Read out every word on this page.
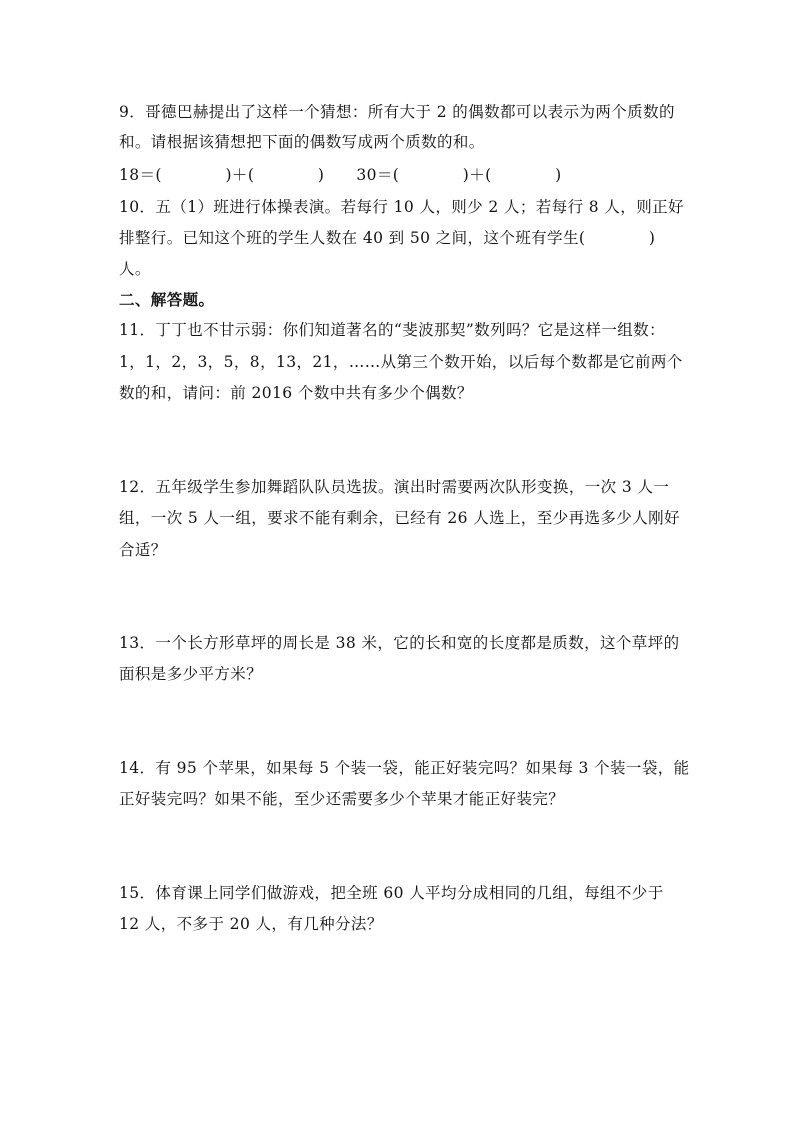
9．哥德巴赫提出了这样一个猜想：所有大于 2 的偶数都可以表示为两个质数的
和。请根据该猜想把下面的偶数写成两个质数的和。
18＝(　　　　)＋(　　　　) 30＝(　　　　)＋(　　　　)
10．五（1）班进行体操表演。若每行 10 人，则少 2 人；若每行 8 人，则正好
排整行。已知这个班的学生人数在 40 到 50 之间，这个班有学生(　　　　)
人。
二、解答题。
11．丁丁也不甘示弱：你们知道著名的“斐波那契”数列吗？它是这样一组数：
1，1，2，3，5，8，13，21，……从第三个数开始，以后每个数都是它前两个
数的和，请问：前 2016 个数中共有多少个偶数？
12．五年级学生参加舞蹈队队员选拔。演出时需要两次队形变换，一次 3 人一
组，一次 5 人一组，要求不能有剩余，已经有 26 人选上，至少再选多少人刚好
合适？
13．一个长方形草坪的周长是 38 米，它的长和宽的长度都是质数，这个草坪的
面积是多少平方米？
14．有 95 个苹果，如果每 5 个装一袋，能正好装完吗？如果每 3 个装一袋，能
正好装完吗？如果不能，至少还需要多少个苹果才能正好装完？
15．体育课上同学们做游戏，把全班 60 人平均分成相同的几组，每组不少于
12 人，不多于 20 人，有几种分法？
